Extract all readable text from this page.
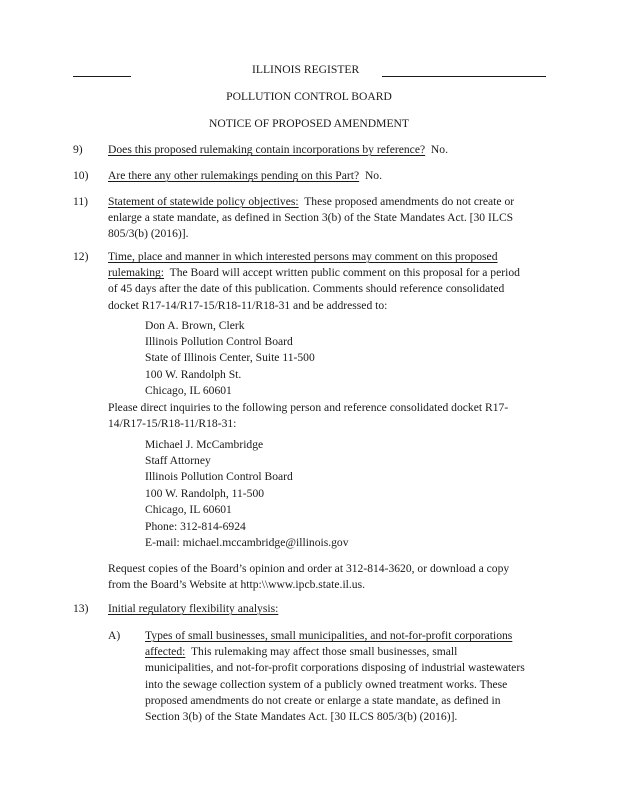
ILLINOIS REGISTER
POLLUTION CONTROL BOARD
NOTICE OF PROPOSED AMENDMENT
9) Does this proposed rulemaking contain incorporations by reference? No.
10) Are there any other rulemakings pending on this Part? No.
11) Statement of statewide policy objectives: These proposed amendments do not create or
enlarge a state mandate, as defined in Section 3(b) of the State Mandates Act. [30 ILCS
805/3(b) (2016)].
12) Time, place and manner in which interested persons may comment on this proposed
rulemaking: The Board will accept written public comment on this proposal for a period
of 45 days after the date of this publication. Comments should reference consolidated
docket R17-14/R17-15/R18-11/R18-31 and be addressed to:
Don A. Brown, Clerk
Illinois Pollution Control Board
State of Illinois Center, Suite 11-500
100 W. Randolph St.
Chicago, IL 60601
Please direct inquiries to the following person and reference consolidated docket R17-
14/R17-15/R18-11/R18-31:
Michael J. McCambridge
Staff Attorney
Illinois Pollution Control Board
100 W. Randolph, 11-500
Chicago, IL 60601
Phone: 312-814-6924
E-mail: michael.mccambridge@illinois.gov
Request copies of the Board’s opinion and order at 312-814-3620, or download a copy
from the Board’s Website at http:\\www.ipcb.state.il.us.
13) Initial regulatory flexibility analysis:
A) Types of small businesses, small municipalities, and not-for-profit corporations
affected: This rulemaking may affect those small businesses, small
municipalities, and not-for-profit corporations disposing of industrial wastewaters
into the sewage collection system of a publicly owned treatment works. These
proposed amendments do not create or enlarge a state mandate, as defined in
Section 3(b) of the State Mandates Act. [30 ILCS 805/3(b) (2016)].
